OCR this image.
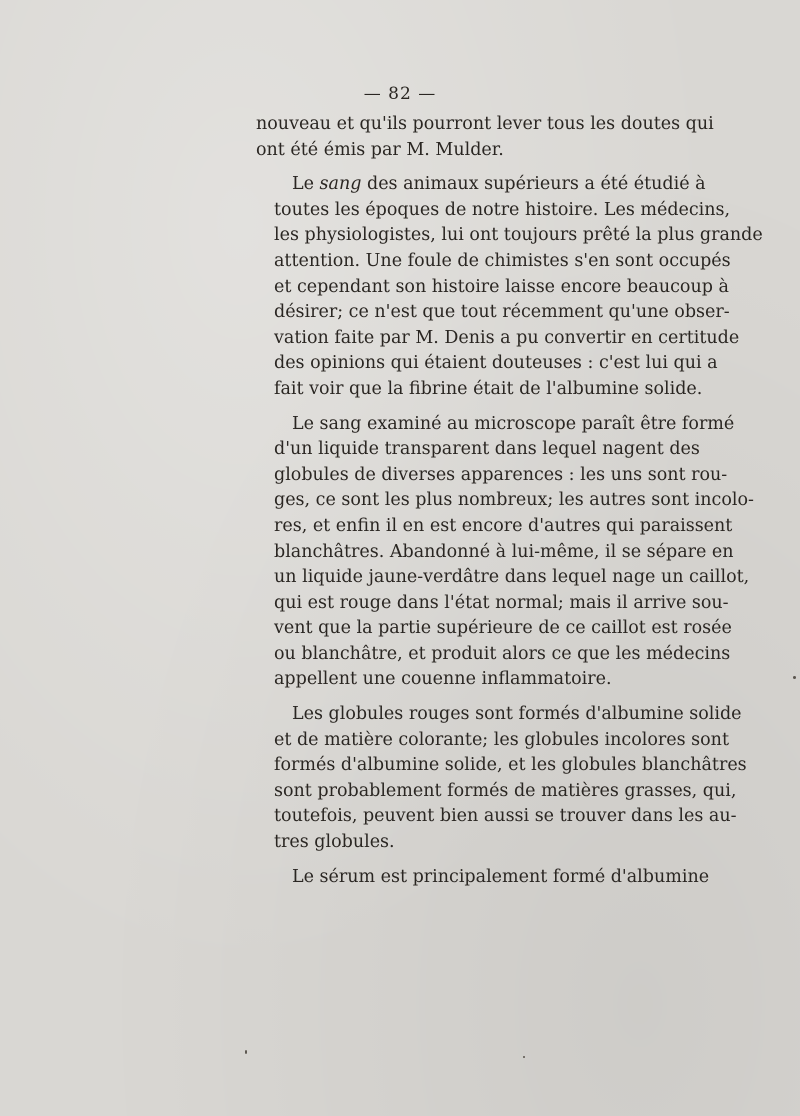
— 82 —
nouveau et qu'ils pourront lever tous les doutes qui
ont été émis par M. Mulder.
Le sang des animaux supérieurs a été étudié à
toutes les époques de notre histoire. Les médecins,
les physiologistes, lui ont toujours prêté la plus grande
attention. Une foule de chimistes s'en sont occupés
et cependant son histoire laisse encore beaucoup à
désirer; ce n'est que tout récemment qu'une obser-
vation faite par M. Denis a pu convertir en certitude
des opinions qui étaient douteuses : c'est lui qui a
fait voir que la fibrine était de l'albumine solide.
Le sang examiné au microscope paraît être formé
d'un liquide transparent dans lequel nagent des
globules de diverses apparences : les uns sont rou-
ges, ce sont les plus nombreux; les autres sont incolo-
res, et enfin il en est encore d'autres qui paraissent
blanchâtres. Abandonné à lui-même, il se sépare en
un liquide jaune-verdâtre dans lequel nage un caillot,
qui est rouge dans l'état normal; mais il arrive sou-
vent que la partie supérieure de ce caillot est rosée
ou blanchâtre, et produit alors ce que les médecins
appellent une couenne inflammatoire.
Les globules rouges sont formés d'albumine solide
et de matière colorante; les globules incolores sont
formés d'albumine solide, et les globules blanchâtres
sont probablement formés de matières grasses, qui,
toutefois, peuvent bien aussi se trouver dans les au-
tres globules.
Le sérum est principalement formé d'albumine
